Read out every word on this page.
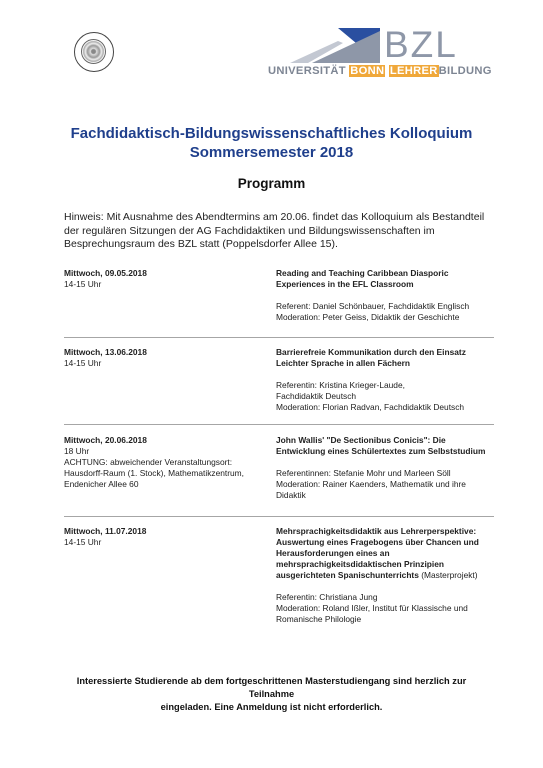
BZL
UNIVERSITÄT BONN LEHRERBILDUNG
Fachdidaktisch-Bildungswissenschaftliches Kolloquium
Sommersemester 2018
Programm
Hinweis: Mit Ausnahme des Abendtermins am 20.06. findet das Kolloquium als Bestandteil der regulären Sitzungen der AG Fachdidaktiken und Bildungswissenschaften im Besprechungsraum des BZL statt (Poppelsdorfer Allee 15).
Mittwoch, 09.05.2018
14-15 Uhr
Reading and Teaching Caribbean Diasporic
Experiences in the EFL Classroom
Referent: Daniel Schönbauer, Fachdidaktik Englisch
Moderation: Peter Geiss, Didaktik der Geschichte
Mittwoch, 13.06.2018
14-15 Uhr
Barrierefreie Kommunikation durch den Einsatz
Leichter Sprache in allen Fächern
Referentin: Kristina Krieger-Laude,
Fachdidaktik Deutsch
Moderation: Florian Radvan, Fachdidaktik Deutsch
Mittwoch, 20.06.2018
18 Uhr
ACHTUNG: abweichender Veranstaltungsort:
Hausdorff-Raum (1. Stock), Mathematikzentrum,
Endenicher Allee 60
John Wallis' "De Sectionibus Conicis": Die
Entwicklung eines Schülertextes zum Selbststudium
Referentinnen: Stefanie Mohr und Marleen Söll
Moderation: Rainer Kaenders, Mathematik und ihre
Didaktik
Mittwoch, 11.07.2018
14-15 Uhr
Mehrsprachigkeitsdidaktik aus Lehrerperspektive:
Auswertung eines Fragebogens über Chancen und
Herausforderungen eines an
mehrsprachigkeitsdidaktischen Prinzipien
ausgerichteten Spanischunterrichts (Masterprojekt)
Referentin: Christiana Jung
Moderation: Roland Ißler, Institut für Klassische und
Romanische Philologie
Interessierte Studierende ab dem fortgeschrittenen Masterstudiengang sind herzlich zur Teilnahme
eingeladen. Eine Anmeldung ist nicht erforderlich.
